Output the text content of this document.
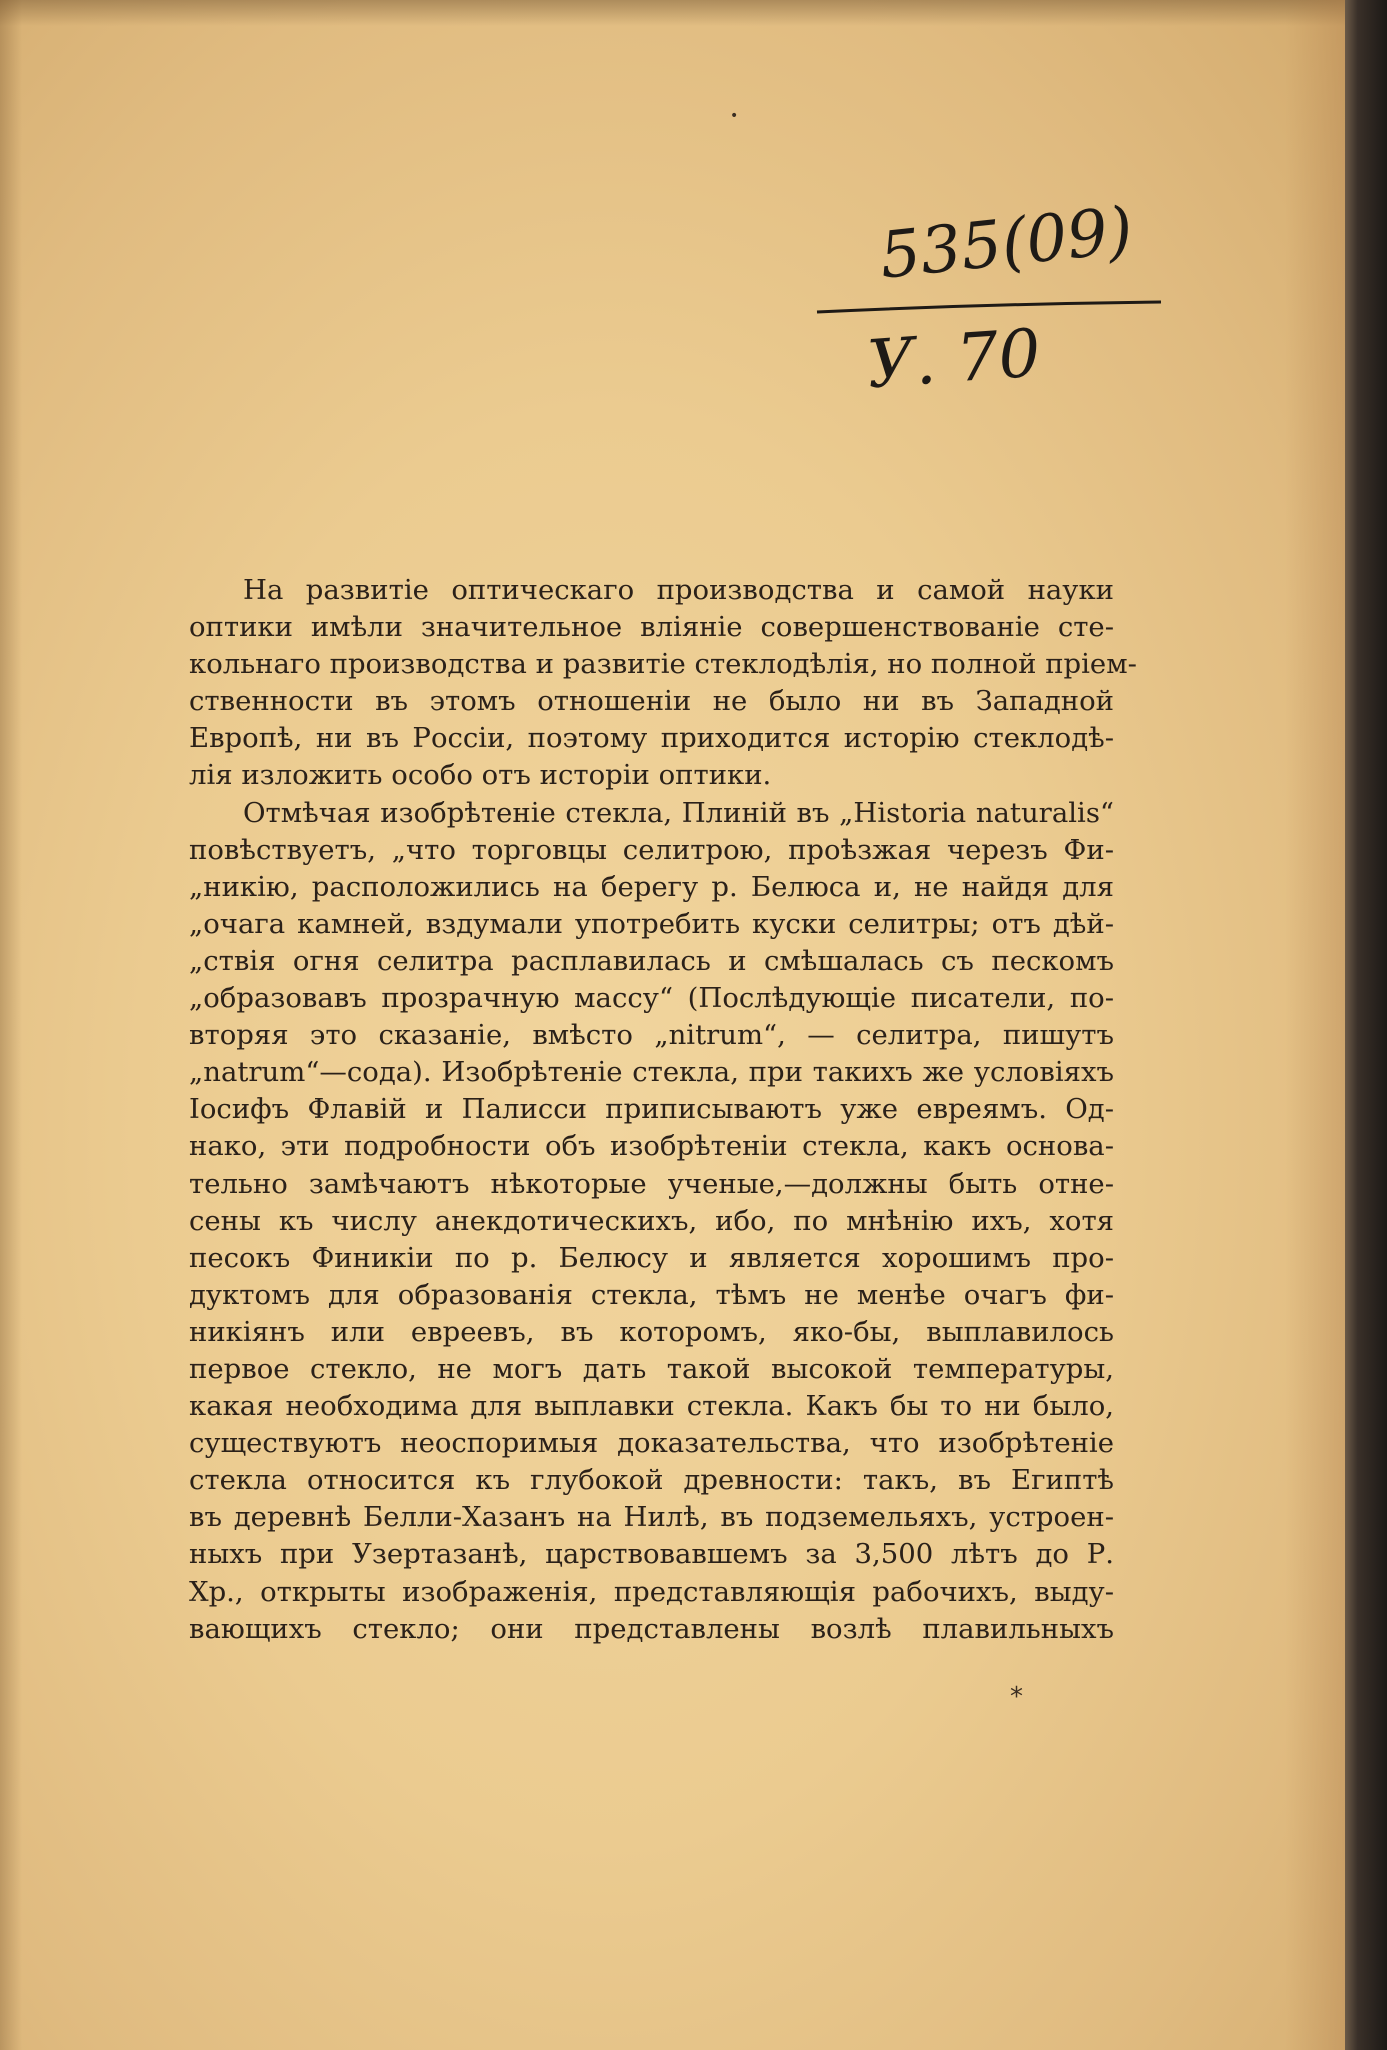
535(09)
У. 70
•

На развитіе оптическаго производства и самой науки
оптики имѣли значительное вліяніе совершенствованіе сте-
кольнаго производства и развитіе стеклодѣлія, но полной пріем-
ственности въ этомъ отношеніи не было ни въ Западной
Европѣ, ни въ Россіи, поэтому приходится исторію стеклодѣ-
лія изложить особо отъ исторіи оптики.

Отмѣчая изобрѣтеніе стекла, Плиній въ „Historia naturalis“
повѣствуетъ, „что торговцы селитрою, проѣзжая черезъ Фи-
„никію, расположились на берегу р. Белюса и, не найдя для
„очага камней, вздумали употребить куски селитры; отъ дѣй-
„ствія огня селитра расплавилась и смѣшалась съ пескомъ
„образовавъ прозрачную массу“ (Послѣдующіе писатели, по-
вторяя это сказаніе, вмѣсто „nitrum“, — селитра, пишутъ
„natrum“—сода). Изобрѣтеніе стекла, при такихъ же условіяхъ
Іосифъ Флавій и Палисси приписываютъ уже евреямъ. Од-
нако, эти подробности объ изобрѣтеніи стекла, какъ основа-
тельно замѣчаютъ нѣкоторые ученые,—должны быть отне-
сены къ числу анекдотическихъ, ибо, по мнѣнію ихъ, хотя
песокъ Финикіи по р. Белюсу и является хорошимъ про-
дуктомъ для образованія стекла, тѣмъ не менѣе очагъ фи-
никіянъ или евреевъ, въ которомъ, яко-бы, выплавилось
первое стекло, не могъ дать такой высокой температуры,
какая необходима для выплавки стекла. Какъ бы то ни было,
существуютъ неоспоримыя доказательства, что изобрѣтеніе
стекла относится къ глубокой древности: такъ, въ Египтѣ
въ деревнѣ Белли-Хазанъ на Нилѣ, въ подземельяхъ, устроен-
ныхъ при Узертазанѣ, царствовавшемъ за 3,500 лѣтъ до Р.
Хр., открыты изображенія, представляющія рабочихъ, выду-
вающихъ стекло; они представлены возлѣ плавильныхъ

*
